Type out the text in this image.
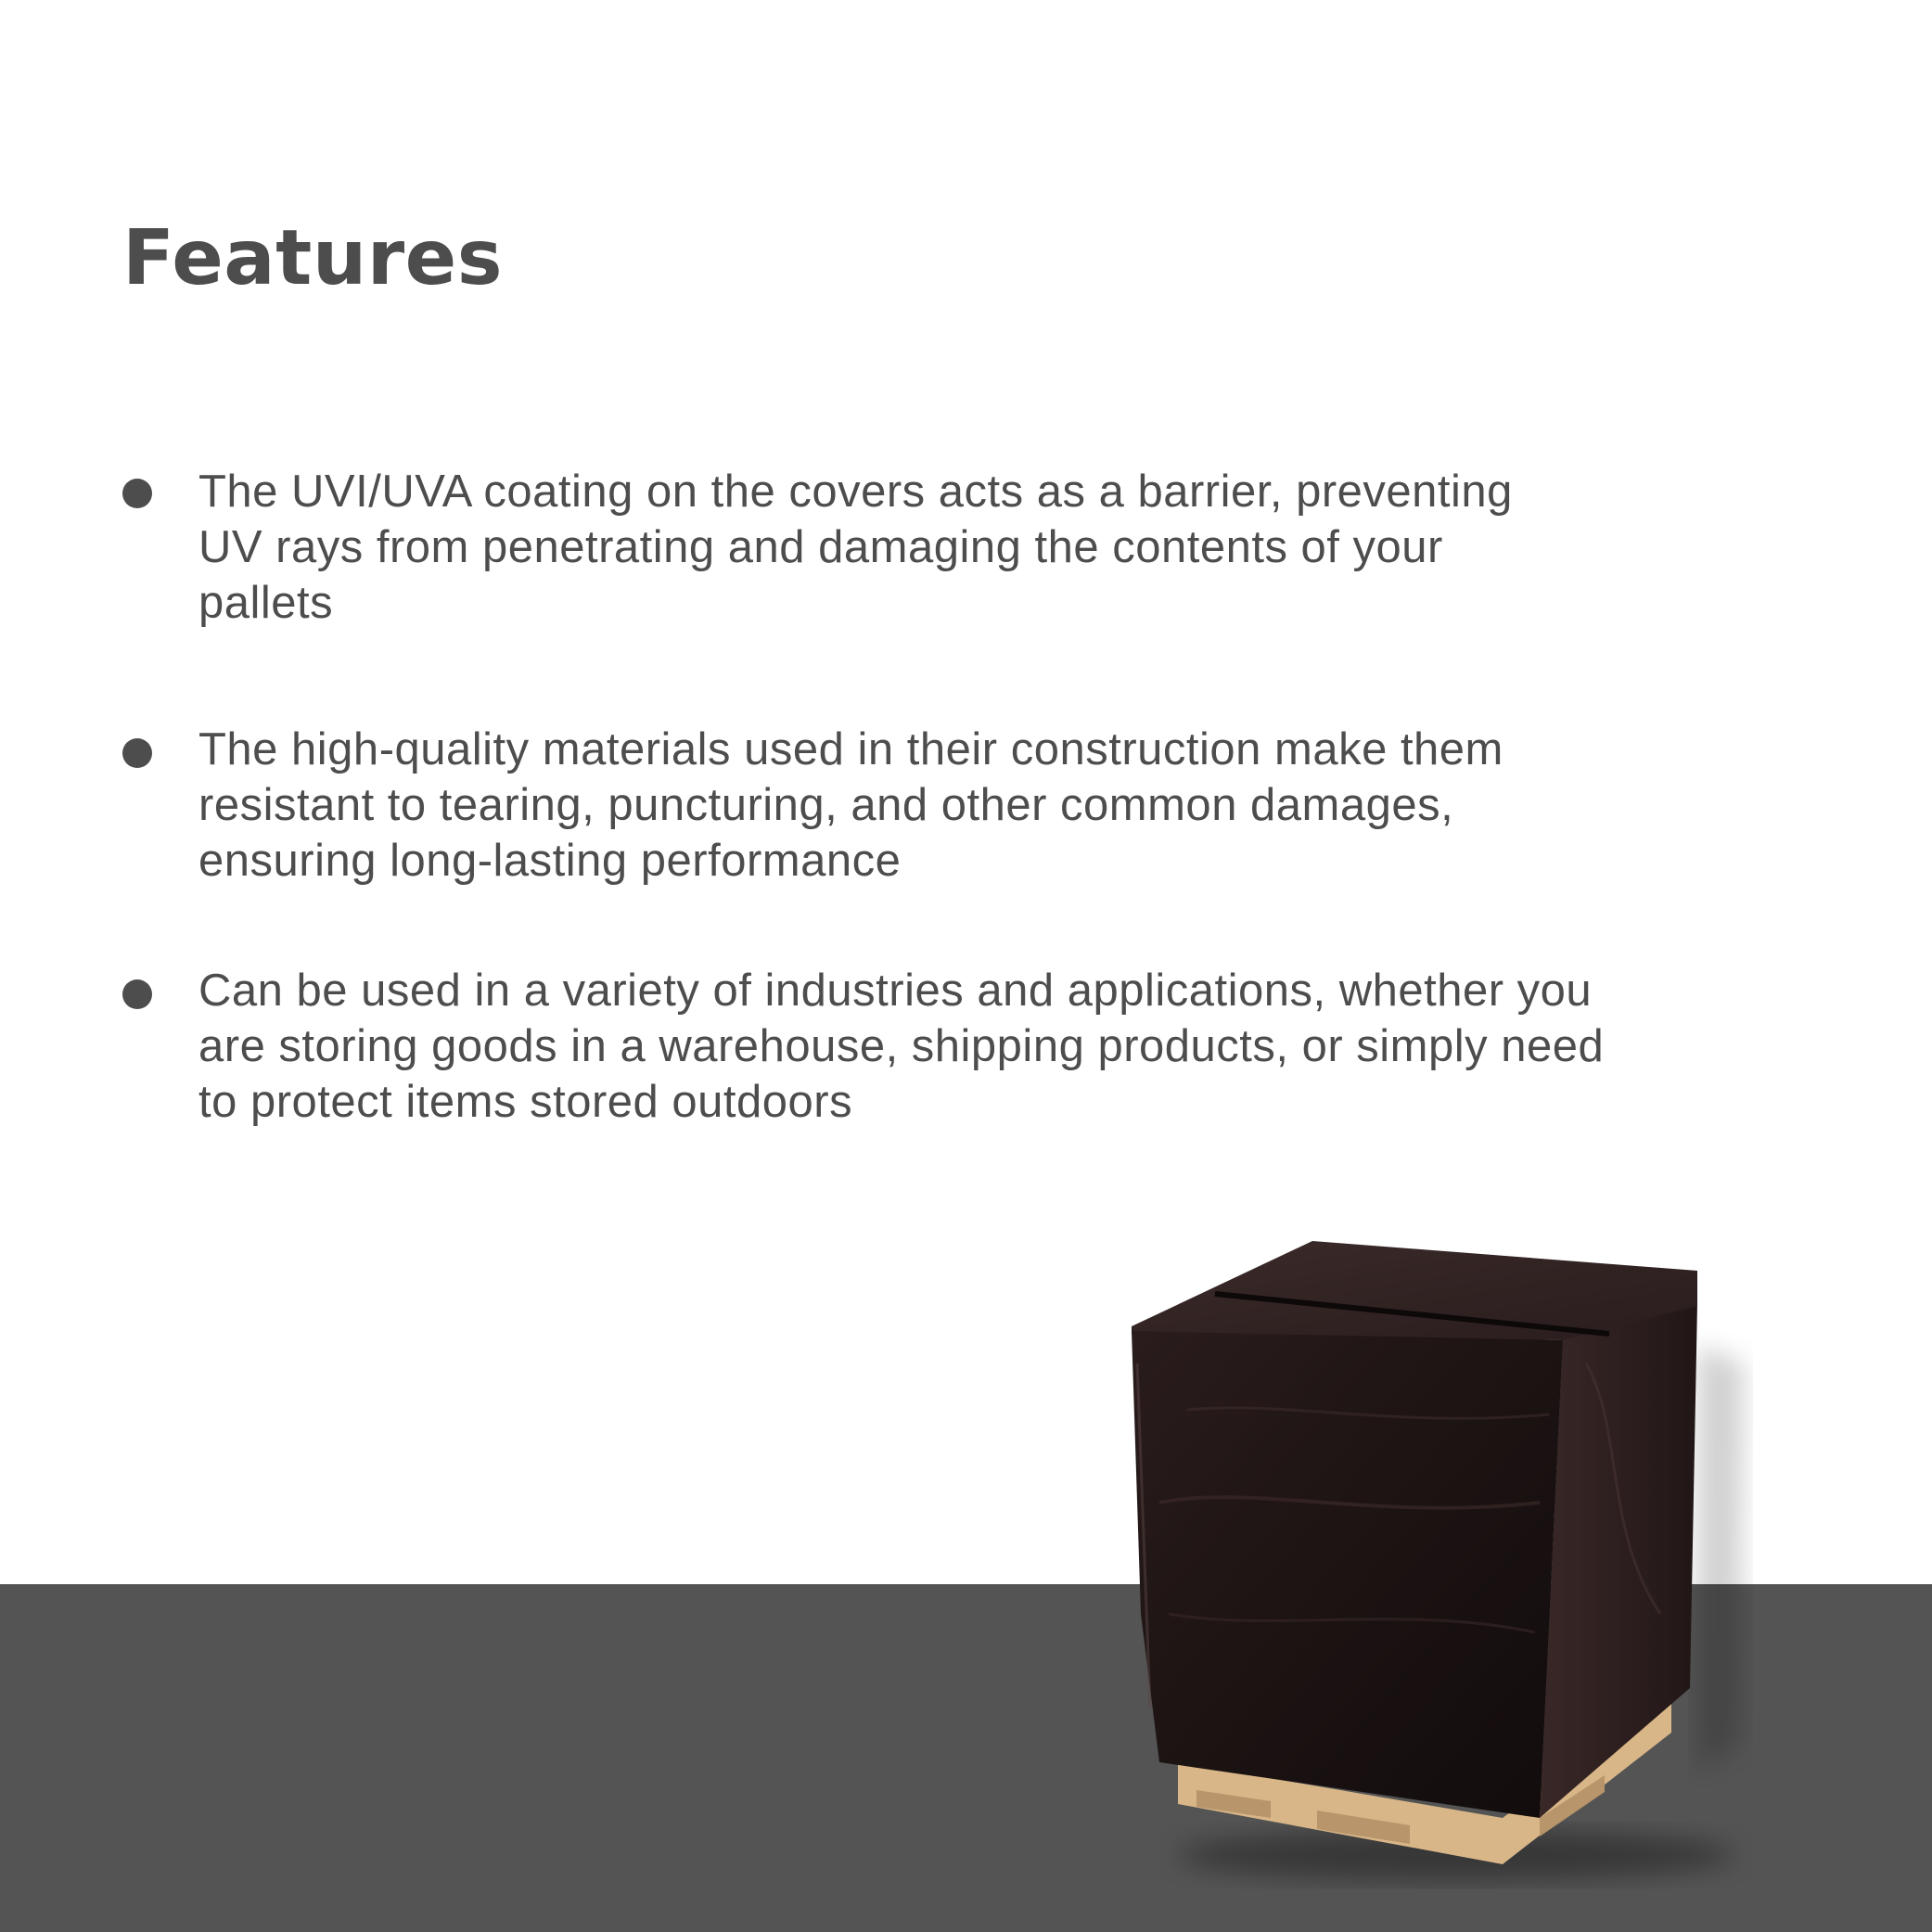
Features

The UVI/UVA coating on the covers acts as a barrier, preventing
UV rays from penetrating and damaging the contents of your
pallets

The high-quality materials used in their construction make them
resistant to tearing, puncturing, and other common damages,
ensuring long-lasting performance

Can be used in a variety of industries and applications, whether you
are storing goods in a warehouse, shipping products, or simply need
to protect items stored outdoors
